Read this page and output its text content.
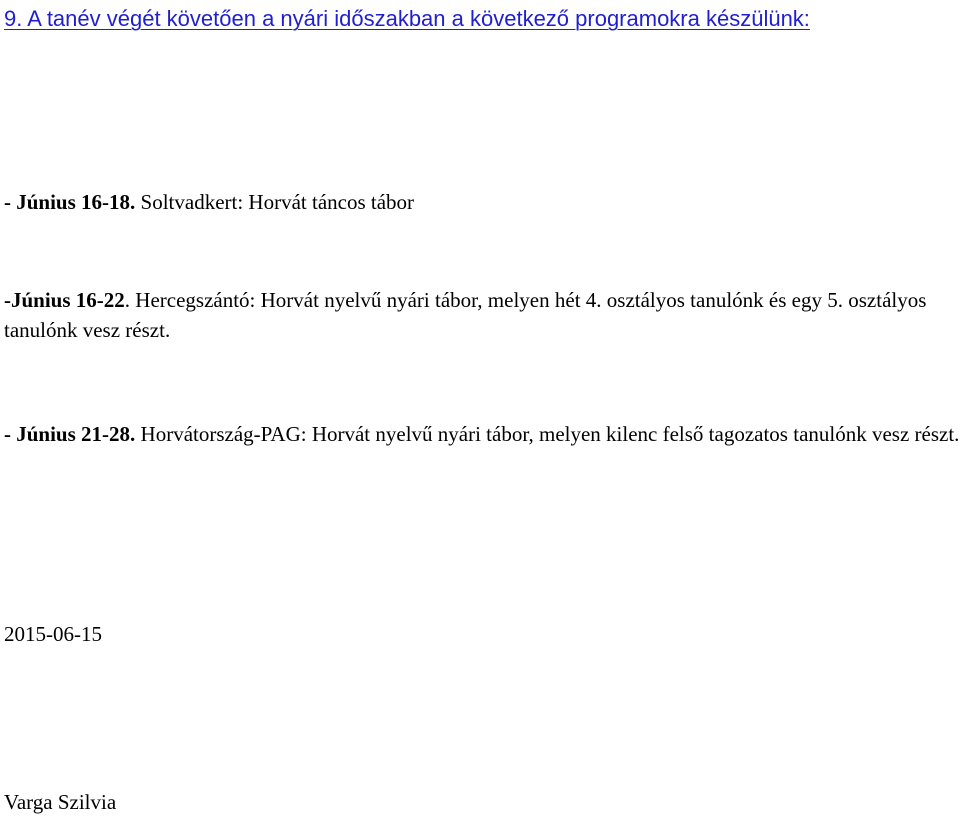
9. A tanév végét követően a nyári időszakban a következő programokra készülünk:
- Június 16-18. Soltvadkert: Horvát táncos tábor
-Június 16-22. Hercegszántó: Horvát nyelvű nyári tábor, melyen hét 4. osztályos tanulónk és egy 5. osztályos tanulónk vesz részt.
- Június 21-28. Horvátország-PAG: Horvát nyelvű nyári tábor, melyen kilenc felső tagozatos tanulónk vesz részt.
2015-06-15
Varga Szilvia
